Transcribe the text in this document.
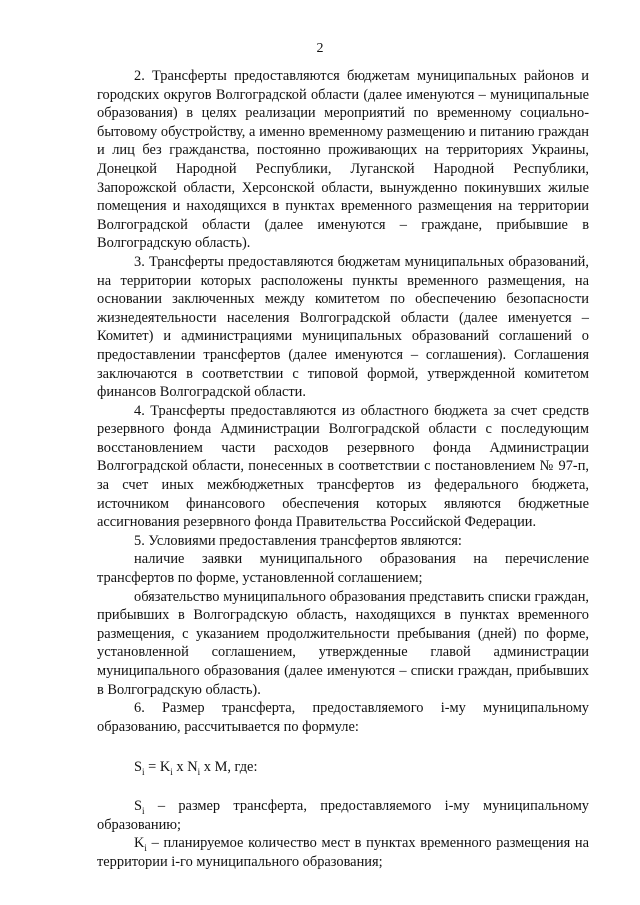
2

2. Трансферты предоставляются бюджетам муниципальных районов и городских округов Волгоградской области (далее именуются – муниципальные образования) в целях реализации мероприятий по временному социально-бытовому обустройству, а именно временному размещению и питанию граждан и лиц без гражданства, постоянно проживающих на территориях Украины, Донецкой Народной Республики, Луганской Народной Республики, Запорожской области, Херсонской области, вынужденно покинувших жилые помещения и находящихся в пунктах временного размещения на территории Волгоградской области (далее именуются – граждане, прибывшие в Волгоградскую область).

3. Трансферты предоставляются бюджетам муниципальных образований, на территории которых расположены пункты временного размещения, на основании заключенных между комитетом по обеспечению безопасности жизнедеятельности населения Волгоградской области (далее именуется – Комитет) и администрациями муниципальных образований соглашений о предоставлении трансфертов (далее именуются – соглашения). Соглашения заключаются в соответствии с типовой формой, утвержденной комитетом финансов Волгоградской области.

4. Трансферты предоставляются из областного бюджета за счет средств резервного фонда Администрации Волгоградской области с последующим восстановлением части расходов резервного фонда Администрации Волгоградской области, понесенных в соответствии с постановлением № 97-п, за счет иных межбюджетных трансфертов из федерального бюджета, источником финансового обеспечения которых являются бюджетные ассигнования резервного фонда Правительства Российской Федерации.

5. Условиями предоставления трансфертов являются:

наличие заявки муниципального образования на перечисление трансфертов по форме, установленной соглашением;

обязательство муниципального образования представить списки граждан, прибывших в Волгоградскую область, находящихся в пунктах временного размещения, с указанием продолжительности пребывания (дней) по форме, установленной соглашением, утвержденные главой администрации муниципального образования (далее именуются – списки граждан, прибывших в Волгоградскую область).

6. Размер трансферта, предоставляемого i-му муниципальному образованию, рассчитывается по формуле:

$S_i = K_i$ х $N_i$ х M, где:

$S_i$ – размер трансферта, предоставляемого i-му муниципальному образованию;

$K_i$ – планируемое количество мест в пунктах временного размещения на территории i-го муниципального образования;
